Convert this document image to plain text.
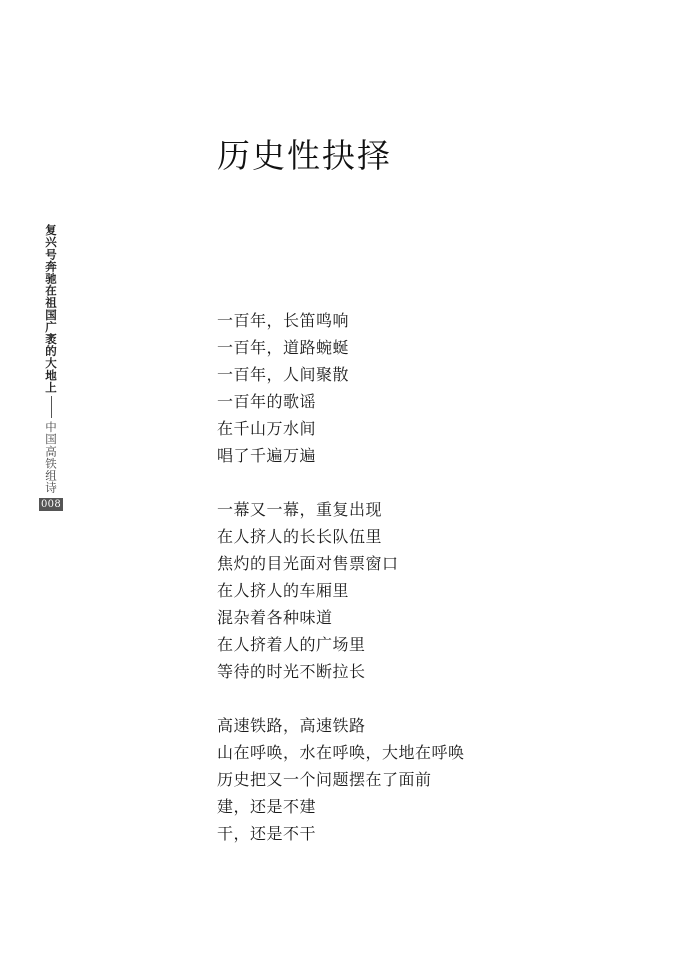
复兴号奔驰在祖国广袤的大地上
中国高铁组诗
008
历史性抉择
一百年，长笛鸣响
一百年，道路蜿蜒
一百年，人间聚散
一百年的歌谣
在千山万水间
唱了千遍万遍
一幕又一幕，重复出现
在人挤人的长长队伍里
焦灼的目光面对售票窗口
在人挤人的车厢里
混杂着各种味道
在人挤着人的广场里
等待的时光不断拉长
高速铁路，高速铁路
山在呼唤，水在呼唤，大地在呼唤
历史把又一个问题摆在了面前
建，还是不建
干，还是不干
